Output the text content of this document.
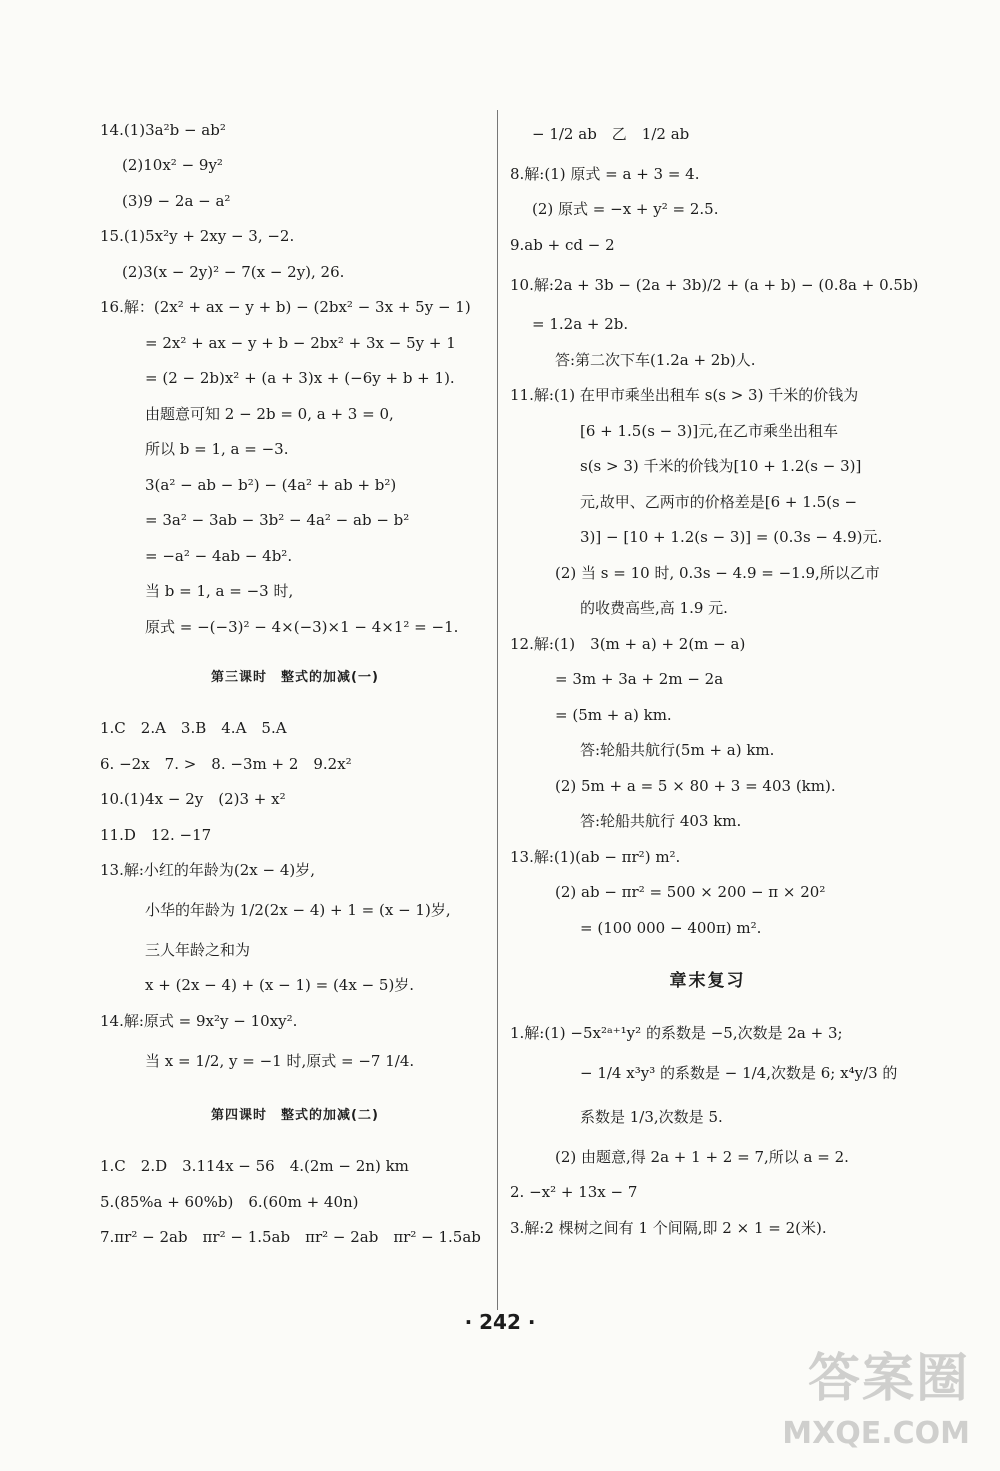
14.(1)3a²b − ab²
(2)10x² − 9y²
(3)9 − 2a − a²
15.(1)5x²y + 2xy − 3, −2.
(2)3(x − 2y)² − 7(x − 2y), 26.
16.解：(2x² + ax − y + b) − (2bx² − 3x + 5y − 1)
= 2x² + ax − y + b − 2bx² + 3x − 5y + 1
= (2 − 2b)x² + (a + 3)x + (−6y + b + 1).
由题意可知 2 − 2b = 0, a + 3 = 0,
所以 b = 1, a = −3.
3(a² − ab − b²) − (4a² + ab + b²)
= 3a² − 3ab − 3b² − 4a² − ab − b²
= −a² − 4ab − 4b².
当 b = 1, a = −3 时,
原式 = −(−3)² − 4×(−3)×1 − 4×1² = −1.
第三课时　整式的加减(一)
1.C　2.A　3.B　4.A　5.A
6. −2x　7. >　8. −3m + 2　9.2x²
10.(1)4x − 2y　(2)3 + x²
11.D　12. −17
13.解:小红的年龄为(2x − 4)岁,
小华的年龄为 1/2(2x − 4) + 1 = (x − 1)岁,
三人年龄之和为
x + (2x − 4) + (x − 1) = (4x − 5)岁.
14.解:原式 = 9x²y − 10xy².
当 x = 1/2, y = −1 时,原式 = −7 1/4.
第四课时　整式的加减(二)
1.C　2.D　3.114x − 56　4.(2m − 2n) km
5.(85%a + 60%b)　6.(60m + 40n)
7.πr² − 2ab　πr² − 1.5ab　πr² − 2ab　πr² − 1.5ab
− 1/2 ab　乙　1/2 ab
8.解:(1) 原式 = a + 3 = 4.
(2) 原式 = −x + y² = 2.5.
9.ab + cd − 2
10.解:2a + 3b − (2a + 3b)/2 + (a + b) − (0.8a + 0.5b)
= 1.2a + 2b.
答:第二次下车(1.2a + 2b)人.
11.解:(1) 在甲市乘坐出租车 s(s > 3) 千米的价钱为
[6 + 1.5(s − 3)]元,在乙市乘坐出租车
s(s > 3) 千米的价钱为[10 + 1.2(s − 3)]
元,故甲、乙两市的价格差是[6 + 1.5(s −
3)] − [10 + 1.2(s − 3)] = (0.3s − 4.9)元.
(2) 当 s = 10 时, 0.3s − 4.9 = −1.9,所以乙市
的收费高些,高 1.9 元.
12.解:(1)　3(m + a) + 2(m − a)
= 3m + 3a + 2m − 2a
= (5m + a) km.
答:轮船共航行(5m + a) km.
(2) 5m + a = 5 × 80 + 3 = 403 (km).
答:轮船共航行 403 km.
13.解:(1)(ab − πr²) m².
(2) ab − πr² = 500 × 200 − π × 20²
= (100 000 − 400π) m².
章末复习
1.解:(1) −5x²ᵃ⁺¹y² 的系数是 −5,次数是 2a + 3;
− 1/4 x³y³ 的系数是 − 1/4,次数是 6; x⁴y/3 的
系数是 1/3,次数是 5.
(2) 由题意,得 2a + 1 + 2 = 7,所以 a = 2.
2. −x² + 13x − 7
3.解:2 棵树之间有 1 个间隔,即 2 × 1 = 2(米).
· 242 ·
答案圈
MXQE.COM
